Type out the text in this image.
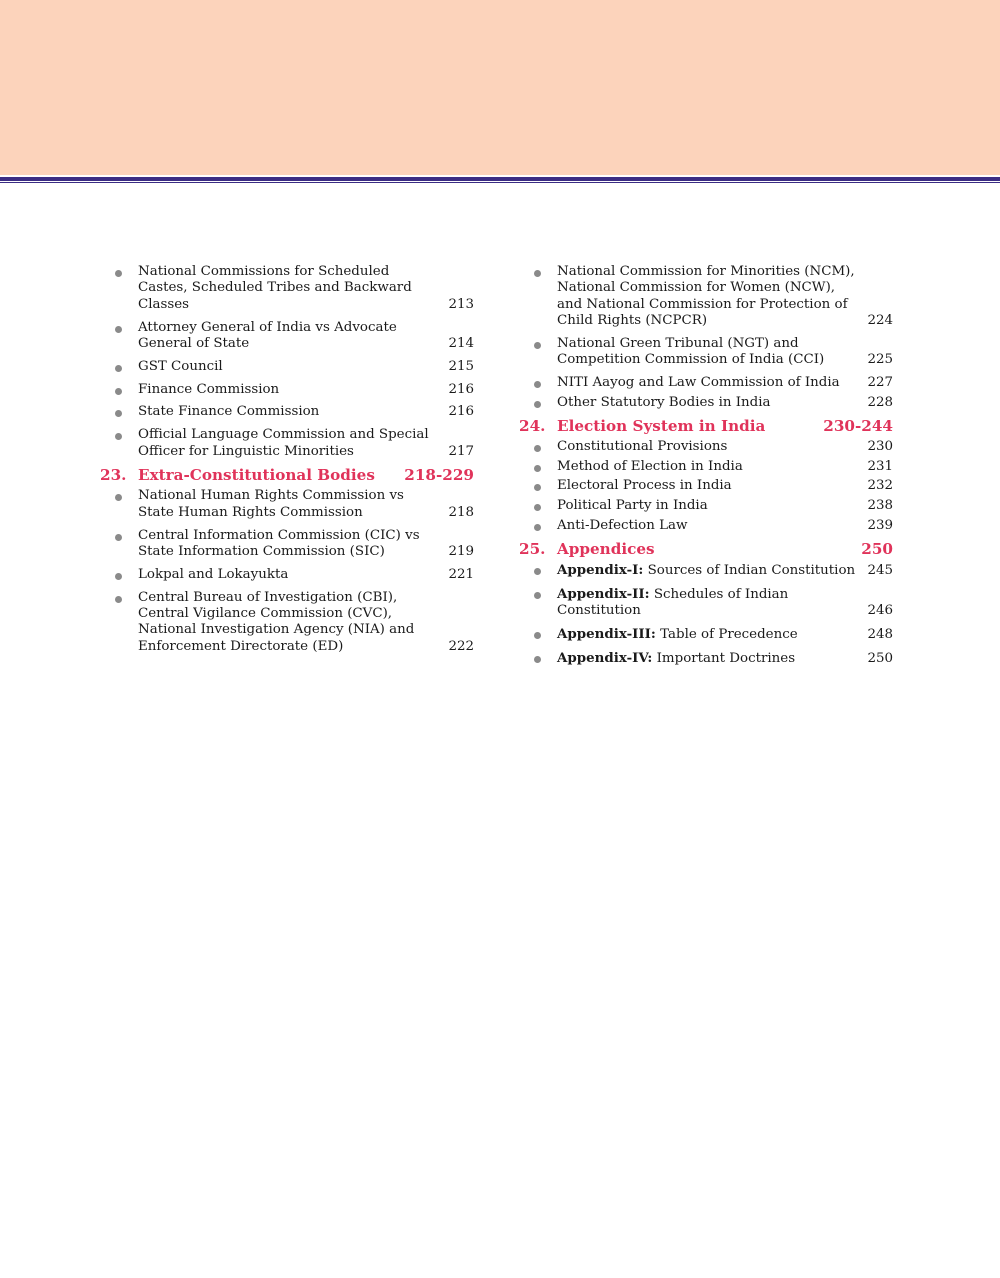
National Commissions for Scheduled Castes, Scheduled Tribes and Backward Classes	213
Attorney General of India vs Advocate General of State	214
GST Council	215
Finance Commission	216
State Finance Commission	216
Official Language Commission and Special Officer for Linguistic Minorities	217
23. Extra-Constitutional Bodies	218-229
National Human Rights Commission vs State Human Rights Commission	218
Central Information Commission (CIC) vs State Information Commission (SIC)	219
Lokpal and Lokayukta	221
Central Bureau of Investigation (CBI), Central Vigilance Commission (CVC), National Investigation Agency (NIA) and Enforcement Directorate (ED)	222
National Commission for Minorities (NCM), National Commission for Women (NCW), and National Commission for Protection of Child Rights (NCPCR)	224
National Green Tribunal (NGT) and Competition Commission of India (CCI)	225
NITI Aayog and Law Commission of India	227
Other Statutory Bodies in India	228
24. Election System in India	230-244
Constitutional Provisions	230
Method of Election in India	231
Electoral Process in India	232
Political Party in India	238
Anti-Defection Law	239
25. Appendices	250
Appendix-I: Sources of Indian Constitution 245
Appendix-II: Schedules of Indian Constitution	246
Appendix-III: Table of Precedence	248
Appendix-IV: Important Doctrines	250
